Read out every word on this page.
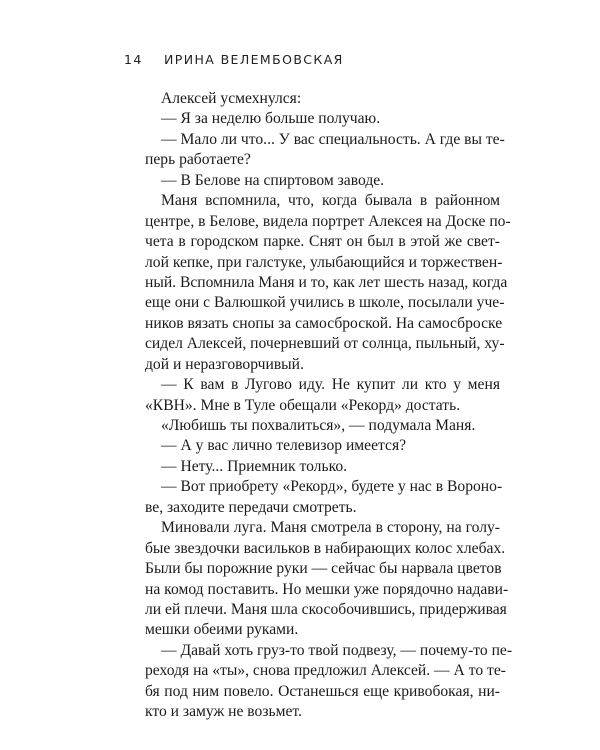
14 ИРИНА ВЕЛЕМБОВСКАЯ
Алексей усмехнулся:
— Я за неделю больше получаю.
— Мало ли что... У вас специальность. А где вы те-
перь работаете?
— В Белове на спиртовом заводе.
Маня вспомнила, что, когда бывала в районном
центре, в Белове, видела портрет Алексея на Доске по-
чета в городском парке. Снят он был в этой же свет-
лой кепке, при галстуке, улыбающийся и торжествен-
ный. Вспомнила Маня и то, как лет шесть назад, когда
еще они с Валюшкой учились в школе, посылали уче-
ников вязать снопы за самосброской. На самосброске
сидел Алексей, почерневший от солнца, пыльный, ху-
дой и неразговорчивый.
— К вам в Лугово иду. Не купит ли кто у меня
«КВН». Мне в Туле обещали «Рекорд» достать.
«Любишь ты похвалиться», — подумала Маня.
— А у вас лично телевизор имеется?
— Нету... Приемник только.
— Вот приобрету «Рекорд», будете у нас в Вороно-
ве, заходите передачи смотреть.
Миновали луга. Маня смотрела в сторону, на голу-
бые звездочки васильков в набирающих колос хлебах.
Были бы порожние руки — сейчас бы нарвала цветов
на комод поставить. Но мешки уже порядочно надави-
ли ей плечи. Маня шла скособочившись, придерживая
мешки обеими руками.
— Давай хоть груз-то твой подвезу, — почему-то пе-
реходя на «ты», снова предложил Алексей. — А то те-
бя под ним повело. Останешься еще кривобокая, ни-
кто и замуж не возьмет.
